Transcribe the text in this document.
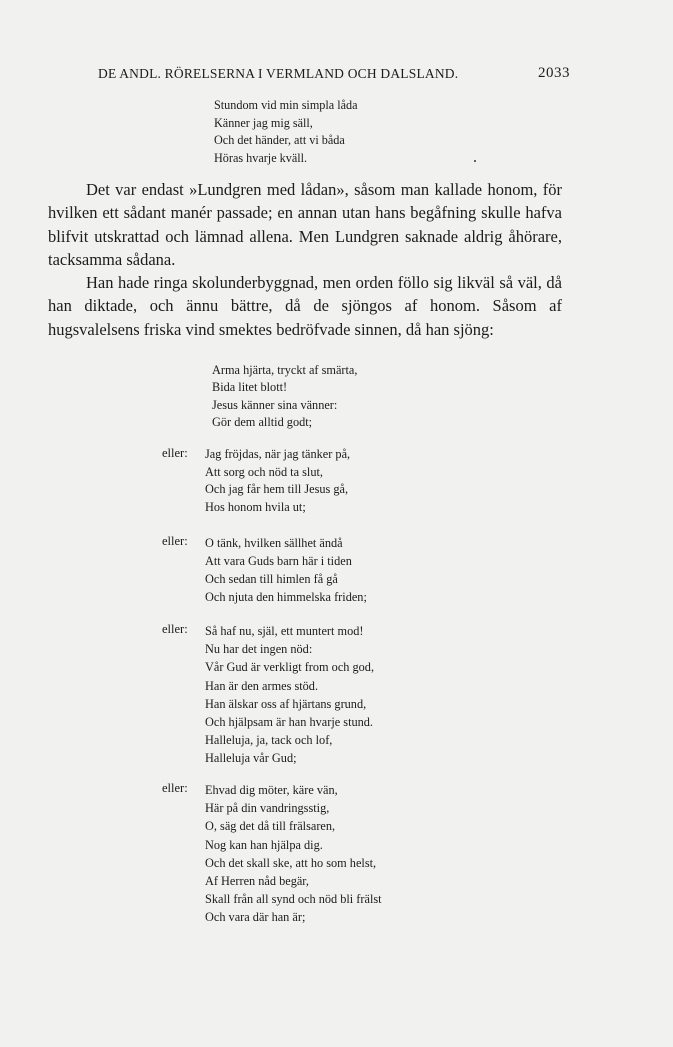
DE ANDL. RÖRELSERNA I VERMLAND OCH DALSLAND.	2033
Stundom vid min simpla låda
Känner jag mig säll,
Och det händer, att vi båda
Höras hvarje kväll.

Det var endast »Lundgren med lådan», såsom man kallade honom, för hvilken ett sådant manér passade; en annan utan hans begåfning skulle hafva blifvit utskrattad och lämnad allena. Men Lundgren saknade aldrig åhörare, tacksamma sådana.

Han hade ringa skolunderbyggnad, men orden föllo sig likväl så väl, då han diktade, och ännu bättre, då de sjöngos af honom. Såsom af hugsvalelsens friska vind smektes bedröfvade sinnen, då han sjöng:

Arma hjärta, tryckt af smärta,
Bida litet blott!
Jesus känner sina vänner:
Gör dem alltid godt;
eller: Jag fröjdas, när jag tänker på,
Att sorg och nöd ta slut,
Och jag får hem till Jesus gå,
Hos honom hvila ut;
eller: O tänk, hvilken sällhet ändå
Att vara Guds barn här i tiden
Och sedan till himlen få gå
Och njuta den himmelska friden;
eller: Så haf nu, själ, ett muntert mod!
Nu har det ingen nöd:
Vår Gud är verkligt from och god,
Han är den armes stöd.
Han älskar oss af hjärtans grund,
Och hjälpsam är han hvarje stund.
Halleluja, ja, tack och lof,
Halleluja vår Gud;
eller: Ehvad dig möter, käre vän,
Här på din vandringsstig,
O, säg det då till frälsaren,
Nog kan han hjälpa dig.
Och det skall ske, att ho som helst,
Af Herren nåd begär,
Skall från all synd och nöd bli frälst
Och vara där han är;
